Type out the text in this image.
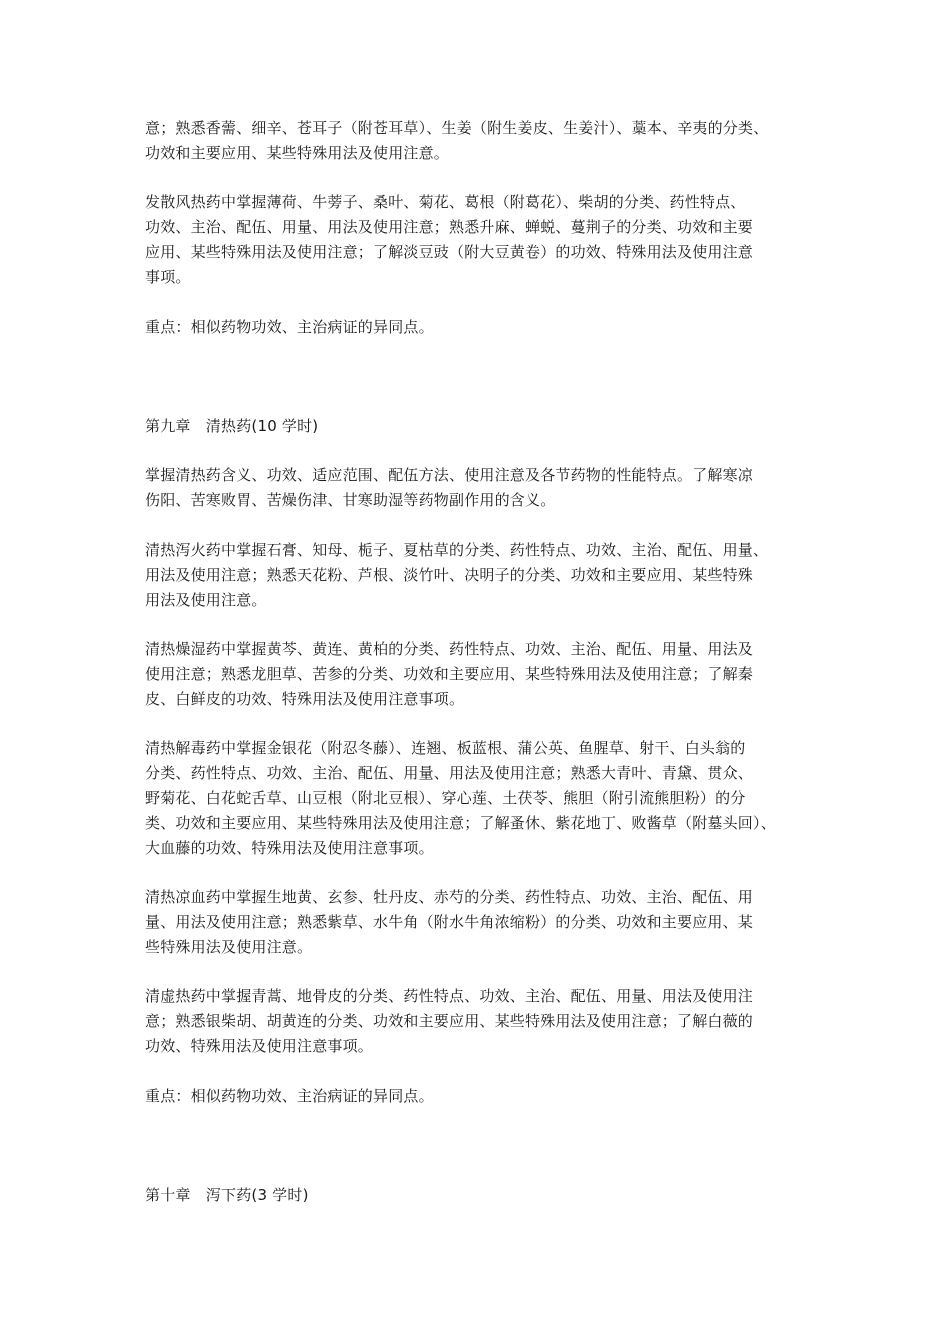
意；熟悉香薷、细辛、苍耳子（附苍耳草）、生姜（附生姜皮、生姜汁）、藁本、辛夷的分类、
功效和主要应用、某些特殊用法及使用注意。

发散风热药中掌握薄荷、牛蒡子、桑叶、菊花、葛根（附葛花）、柴胡的分类、药性特点、
功效、主治、配伍、用量、用法及使用注意；熟悉升麻、蝉蜕、蔓荆子的分类、功效和主要
应用、某些特殊用法及使用注意；了解淡豆豉（附大豆黄卷）的功效、特殊用法及使用注意
事项。

重点：相似药物功效、主治病证的异同点。

第九章　清热药(10 学时)

掌握清热药含义、功效、适应范围、配伍方法、使用注意及各节药物的性能特点。了解寒凉
伤阳、苦寒败胃、苦燥伤津、甘寒助湿等药物副作用的含义。

清热泻火药中掌握石膏、知母、栀子、夏枯草的分类、药性特点、功效、主治、配伍、用量、
用法及使用注意；熟悉天花粉、芦根、淡竹叶、决明子的分类、功效和主要应用、某些特殊
用法及使用注意。

清热燥湿药中掌握黄芩、黄连、黄柏的分类、药性特点、功效、主治、配伍、用量、用法及
使用注意；熟悉龙胆草、苦参的分类、功效和主要应用、某些特殊用法及使用注意；了解秦
皮、白鲜皮的功效、特殊用法及使用注意事项。

清热解毒药中掌握金银花（附忍冬藤）、连翘、板蓝根、蒲公英、鱼腥草、射干、白头翁的
分类、药性特点、功效、主治、配伍、用量、用法及使用注意；熟悉大青叶、青黛、贯众、
野菊花、白花蛇舌草、山豆根（附北豆根）、穿心莲、土茯苓、熊胆（附引流熊胆粉）的分
类、功效和主要应用、某些特殊用法及使用注意；了解蚤休、紫花地丁、败酱草（附墓头回）、
大血藤的功效、特殊用法及使用注意事项。

清热凉血药中掌握生地黄、玄参、牡丹皮、赤芍的分类、药性特点、功效、主治、配伍、用
量、用法及使用注意；熟悉紫草、水牛角（附水牛角浓缩粉）的分类、功效和主要应用、某
些特殊用法及使用注意。

清虚热药中掌握青蒿、地骨皮的分类、药性特点、功效、主治、配伍、用量、用法及使用注
意；熟悉银柴胡、胡黄连的分类、功效和主要应用、某些特殊用法及使用注意；了解白薇的
功效、特殊用法及使用注意事项。

重点：相似药物功效、主治病证的异同点。

第十章　泻下药(3 学时)
